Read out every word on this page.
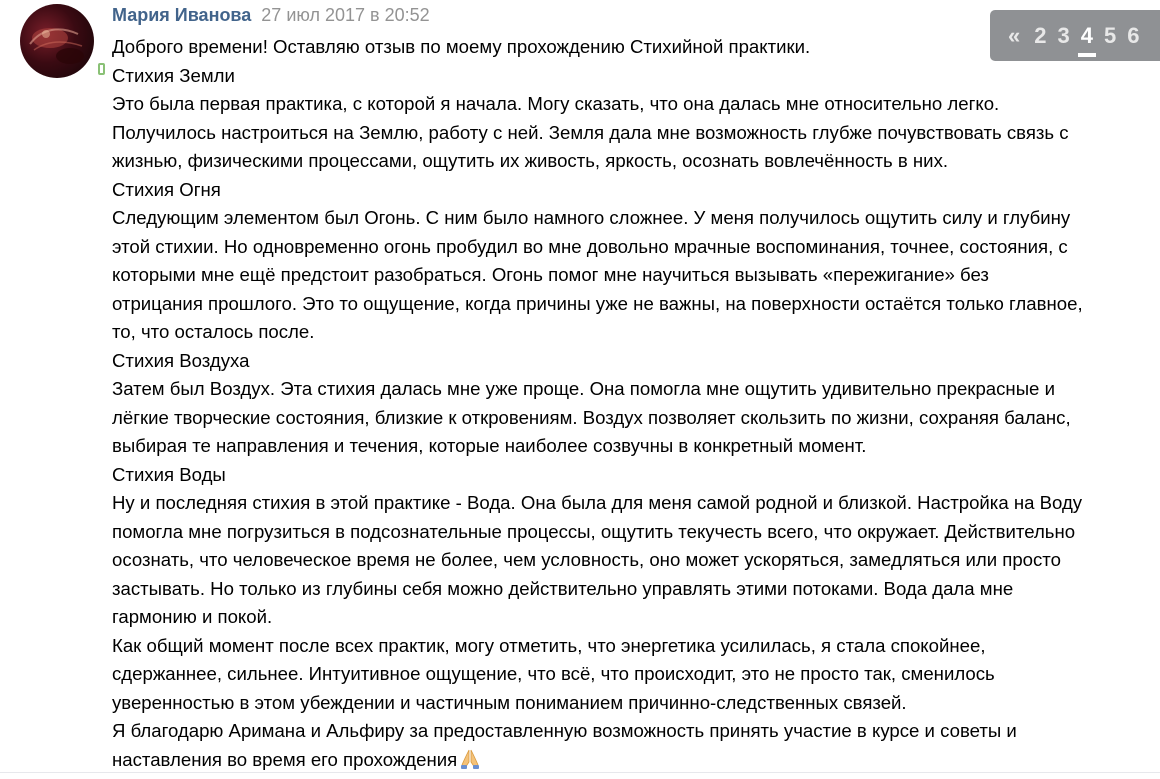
Мария Иванова 27 июл 2017 в 20:52
« 2 3 4 5 6

Доброго времени! Оставляю отзыв по моему прохождению Стихийной практики.

Стихия Земли

Это была первая практика, с которой я начала. Могу сказать, что она далась мне относительно легко.

Получилось настроиться на Землю, работу с ней. Земля дала мне возможность глубже почувствовать связь с

жизнью, физическими процессами, ощутить их живость, яркость, осознать вовлечённость в них.

Стихия Огня

Следующим элементом был Огонь. С ним было намного сложнее. У меня получилось ощутить силу и глубину

этой стихии. Но одновременно огонь пробудил во мне довольно мрачные воспоминания, точнее, состояния, с

которыми мне ещё предстоит разобраться. Огонь помог мне научиться вызывать «пережигание» без

отрицания прошлого. Это то ощущение, когда причины уже не важны, на поверхности остаётся только главное,

то, что осталось после.

Стихия Воздуха

Затем был Воздух. Эта стихия далась мне уже проще. Она помогла мне ощутить удивительно прекрасные и

лёгкие творческие состояния, близкие к откровениям. Воздух позволяет скользить по жизни, сохраняя баланс,

выбирая те направления и течения, которые наиболее созвучны в конкретный момент.

Стихия Воды

Ну и последняя стихия в этой практике - Вода. Она была для меня самой родной и близкой. Настройка на Воду

помогла мне погрузиться в подсознательные процессы, ощутить текучесть всего, что окружает. Действительно

осознать, что человеческое время не более, чем условность, оно может ускоряться, замедляться или просто

застывать. Но только из глубины себя можно действительно управлять этими потоками. Вода дала мне

гармонию и покой.

Как общий момент после всех практик, могу отметить, что энергетика усилилась, я стала спокойнее,

сдержаннее, сильнее. Интуитивное ощущение, что всё, что происходит, это не просто так, сменилось

уверенностью в этом убеждении и частичным пониманием причинно-следственных связей.

Я благодарю Аримана и Альфиру за предоставленную возможность принять участие в курсе и советы и

наставления во время его прохождения
